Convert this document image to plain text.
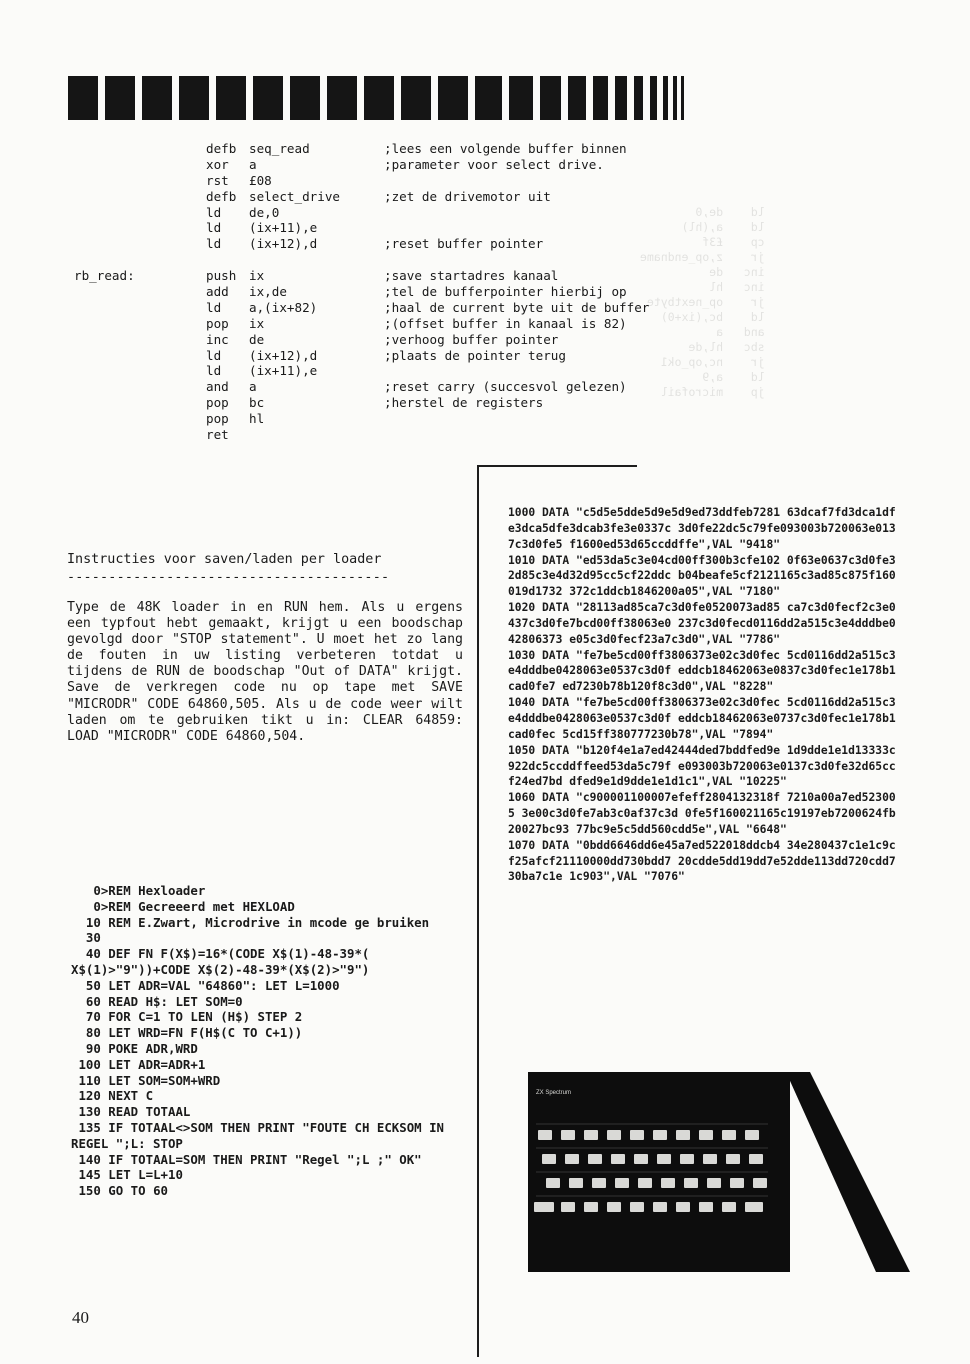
ld    de,0
ld    a,(hl)
cp    £3f
jr    z,op_endname
inc   de
inc   hl
jr    op_nextbyte
ld    bc,(ix+0)
and   a
sbc   hl,de
jr    nc,op_ok1
ld    a,9
jp    microfail
defb seq_read	;lees een volgende buffer binnen
xor a	;parameter voor select drive.
rst £08
defb select_drive	;zet de drivemotor uit
ld de,0
ld (ix+11),e
ld (ix+12),d	;reset buffer pointer
rb_read:	push ix	;save startadres kanaal
add ix,de	;tel de bufferpointer hierbij op
ld a,(ix+82)	;haal de current byte uit de buffer
pop ix	;(offset buffer in kanaal is 82)
inc de	;verhoog buffer pointer
ld (ix+12),d	;plaats de pointer terug
ld (ix+11),e
and a	;reset carry (succesvol gelezen)
pop bc	;herstel de registers
pop hl
ret
Instructies voor saven/laden per loader
---------------------------------------

Type de 48K loader in en RUN hem. Als u ergens een typfout hebt gemaakt, krijgt u een boodschap gevolgd door "STOP statement". U moet het zo lang de fouten in uw listing verbeteren totdat u tijdens de RUN de boodschap "Out of DATA" krijgt. Save de verkregen code nu op tape met SAVE "MICRODR" CODE 64860,505. Als u de code weer wilt laden om te gebruiken tikt u in: CLEAR 64859: LOAD "MICRODR" CODE 64860,504.

0>REM Hexloader
0>REM Gecreeerd met HEXLOAD
10 REM E.Zwart, Microdrive in mcode ge bruiken
30
40 DEF FN F(X$)=16*(CODE X$(1)-48-39*( X$(1)>"9"))+CODE X$(2)-48-39*(X$(2)>"9")
50 LET ADR=VAL "64860": LET L=1000
60 READ H$: LET SOM=0
70 FOR C=1 TO LEN (H$) STEP 2
80 LET WRD=FN F(H$(C TO C+1))
90 POKE ADR,WRD
100 LET ADR=ADR+1
110 LET SOM=SOM+WRD
120 NEXT C
130 READ TOTAAL
135 IF TOTAAL<>SOM THEN PRINT "FOUTE CH ECKSOM IN REGEL ";L: STOP
140 IF TOTAAL=SOM THEN PRINT "Regel ";L ;" OK"
145 LET L=L+10
150 GO TO 60
1000 DATA "c5d5e5dde5d9e5d9ed73ddfeb7281 63dcaf7fd3dca1dfe3dca5dfe3dcab3fe3e0337c 3d0fe22dc5c79fe093003b720063e0137c3d0fe5 f1600ed53d65ccddffe",VAL "9418"
1010 DATA "ed53da5c3e04cd00ff300b3cfe102 0f63e0637c3d0fe32d85c3e4d32d95cc5cf22ddc b04beafe5cf2121165c3ad85c875f160019d1732 372c1ddcb1846200a05",VAL "7180"
1020 DATA "28113ad85ca7c3d0fe0520073ad85 ca7c3d0fecf2c3e0437c3d0fe7bcd00ff38063e0 237c3d0fecd0116dd2a515c3e4dddbe042806373 e05c3d0fecf23a7c3d0",VAL "7786"
1030 DATA "fe7be5cd00ff3806373e02c3d0fec 5cd0116dd2a515c3e4dddbe0428063e0537c3d0f eddcb18462063e0837c3d0fec1e178b1cad0fe7 ed7230b78b120f8c3d0",VAL "8228"
1040 DATA "fe7be5cd00ff3806373e02c3d0fec 5cd0116dd2a515c3e4dddbe0428063e0537c3d0f eddcb18462063e0737c3d0fec1e178b1cad0fec 5cd15ff380777230b78",VAL "7894"
1050 DATA "b120f4e1a7ed42444ded7bddfed9e 1d9dde1e1d13333c922dc5ccddffeed53da5c79f e093003b720063e0137c3d0fe32d65ccf24ed7bd dfed9e1d9dde1e1d1c1",VAL "10225"
1060 DATA "c900001100007efeff2804132318f 7210a00a7ed523005 3e00c3d0fe7ab3c0af37c3d 0fe5f160021165c19197eb7200624fb20027bc93 77bc9e5c5dd560cdd5e",VAL "6648"
1070 DATA "0bdd6646dd6e45a7ed522018ddcb4 34e280437c1e1c9cf25afcf21110000dd730bdd7 20cdde5dd19dd7e52dde113dd720cdd730ba7c1e 1c903",VAL "7076"
ZX Spectrum
40
